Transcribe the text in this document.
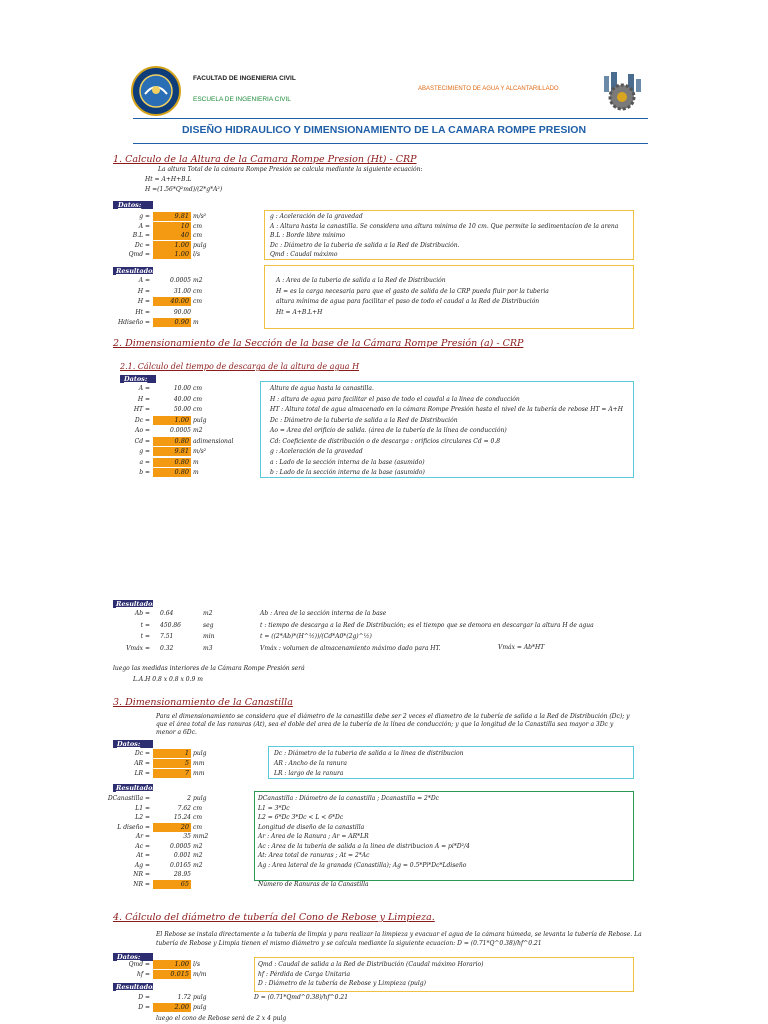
FACULTAD DE INGENIERIA CIVIL
ESCUELA DE INGENIERIA CIVIL
ABASTECIMIENTO DE AGUA Y ALCANTARILLADO
DISEÑO HIDRAULICO Y DIMENSIONAMIENTO DE LA CAMARA ROMPE PRESION
1. Calculo de la Altura de la Camara Rompe Presion (Ht) - CRP
La altura Total de la cámara Rompe Presión se calcula mediante la siguiente ecuación:
Ht = A+H+B.L
H =(1.56*Q²md)/(2*g*A²)
Datos:
g =	9.81 m/s²	g : Aceleración de la gravedad
A =	10 cm	A : Altura hasta la canastilla. Se considera una altura minima de 10 cm. Que permite la sedimentacion de la arena
B.L =	40 cm	B.L : Borde libre mínimo
Dc =	1.00 pulg	Dc : Diámetro de la tuberia de salida a la Red de Distribución.
Qmd =	1.00 l/s	Qmd : Caudal máximo
Resultados:
A =	0.0005 m2	A : Area de la tuberia de salida a la Red de Distribución
H =	31.00 cm	H = es la carga necesaria para que el gasto de salida de la CRP pueda fluir por la tuberia
H =	40.00 cm	altura mínima de agua para facilitar el paso de todo el caudal a la Red de Distribución
Ht =	90.00	Ht = A+B.L+H
Hdiseño =	0.90 m
2. Dimensionamiento de la Sección de la base de la Cámara Rompe Presión (a) - CRP
2.1. Cálculo del tiempo de descarga de la altura de agua H
Datos:
A =	10.00 cm	Altura de agua hasta la canastilla.
H =	40.00 cm	H : altura de agua para facilitar el paso de todo el caudal a la linea de conducción
HT =	50.00 cm	HT : Altura total de agua almacenado en la cámara Rompe Presión hasta el nivel de la tubería de rebose HT = A+H
Dc =	1.00 pulg	Dc : Diámetro de la tuberia de salida a la Red de Distribución
Ao =	0.0005 m2	Ao = Area del orificio de salida. (área de la tubería de la línea de conducción)
Cd =	0.80 adimensional	Cd: Coeficiente de distribución o de descarga : orificios circulares Cd = 0.8
g =	9.81 m/s²	g : Aceleración de la gravedad
a =	0.80 m	a : Lado de la sección interna de la base (asumido)
b =	0.80 m	b : Lado de la sección interna de la base (asumido)
Resultados:
Ab = 0.64	m2	Ab : Area de la sección interna de la base
t = 450.86	seg	t : tiempo de descarga a la Red de Distribución; es el tiempo que se demora en descargar la altura H de agua
t = 7.51	min	t = ((2*Ab)*(H^½))/(Cd*A0*(2g)^½)
Vmáx = 0.32	m3	Vmáx : volumen de almacenamiento máximo dado para HT.	Vmáx = Ab*HT
luego las medidas interiores de la Cámara Rompe Presión será
L.A.H 0.8 x 0.8 x 0.9 m
3. Dimensionamiento de la Canastilla
Para el dimensionamiento se considera que el diámetro de la canastilla debe ser 2 veces el diametro de la tubería de salida a la Red de Distribución (Dc); y
que el área total de las ranuras (At), sea el doble del area de la tubería de la línea de conducción; y que la longitud de la Canastilla sea mayor a 3Dc y
menor a 6Dc.
Datos:
Dc =	1 pulg	Dc : Diámetro de la tuberia de salida a la linea de distribucion
AR =	5 mm	AR : Ancho de la ranura
LR =	7 mm	LR : largo de la ranura
Resultados:
DCanastilla =	2 pulg	DCanastilla : Diámetro de la canastilla ; Dcanastilla = 2*Dc
L1 =	7.62 cm	L1 = 3*Dc
L2 =	15.24 cm	L2 = 6*Dc 3*Dc < L < 6*Dc
L diseño =	20 cm	Longitud de diseño de la canastilla
Ar =	35 mm2	Ar : Area de la Ranura ; Ar = AR*LR
Ac =	0.0005 m2	Ac : Area de la tuberia de salida a la linea de distribucion A = pi*D²/4
At =	0.001 m2	At: Area total de ranuras ; At = 2*Ac
Ag =	0.0165 m2	Ag : Area lateral de la granada (Canastilla); Ag = 0.5*Pi*Dc*Ldiseño
NR =	28.95
NR =	65	Número de Ranuras de la Canastilla
4. Cálculo del diámetro de tubería del Cono de Rebose y Limpieza.
El Rebose se instala directamente a la tubería de limpia y para realizar la limpieza y evacuar el agua de la cámara húmeda, se levanta la tubería de Rebose. La
tubería de Rebose y Limpia tienen el mismo diámetro y se calcula mediante la siguiente ecuacion: D = (0.71*Q^0.38)/hf^0.21
Datos:
Qmd =	1.00 l/s	Qmd : Caudal de salida a la Red de Distribución (Caudal máximo Horario)
hf =	0.015 m/m	hf : Pérdida de Carga Unitaria
D : Diámetro de la tubería de Rebose y Limpieza (pulg)
Resultados:
D =	1.72 pulg	D = (0.71*Qmd^0.38)/hf^0.21
D =	2.00 pulg
luego el cono de Rebose será de 2 x 4 pulg
